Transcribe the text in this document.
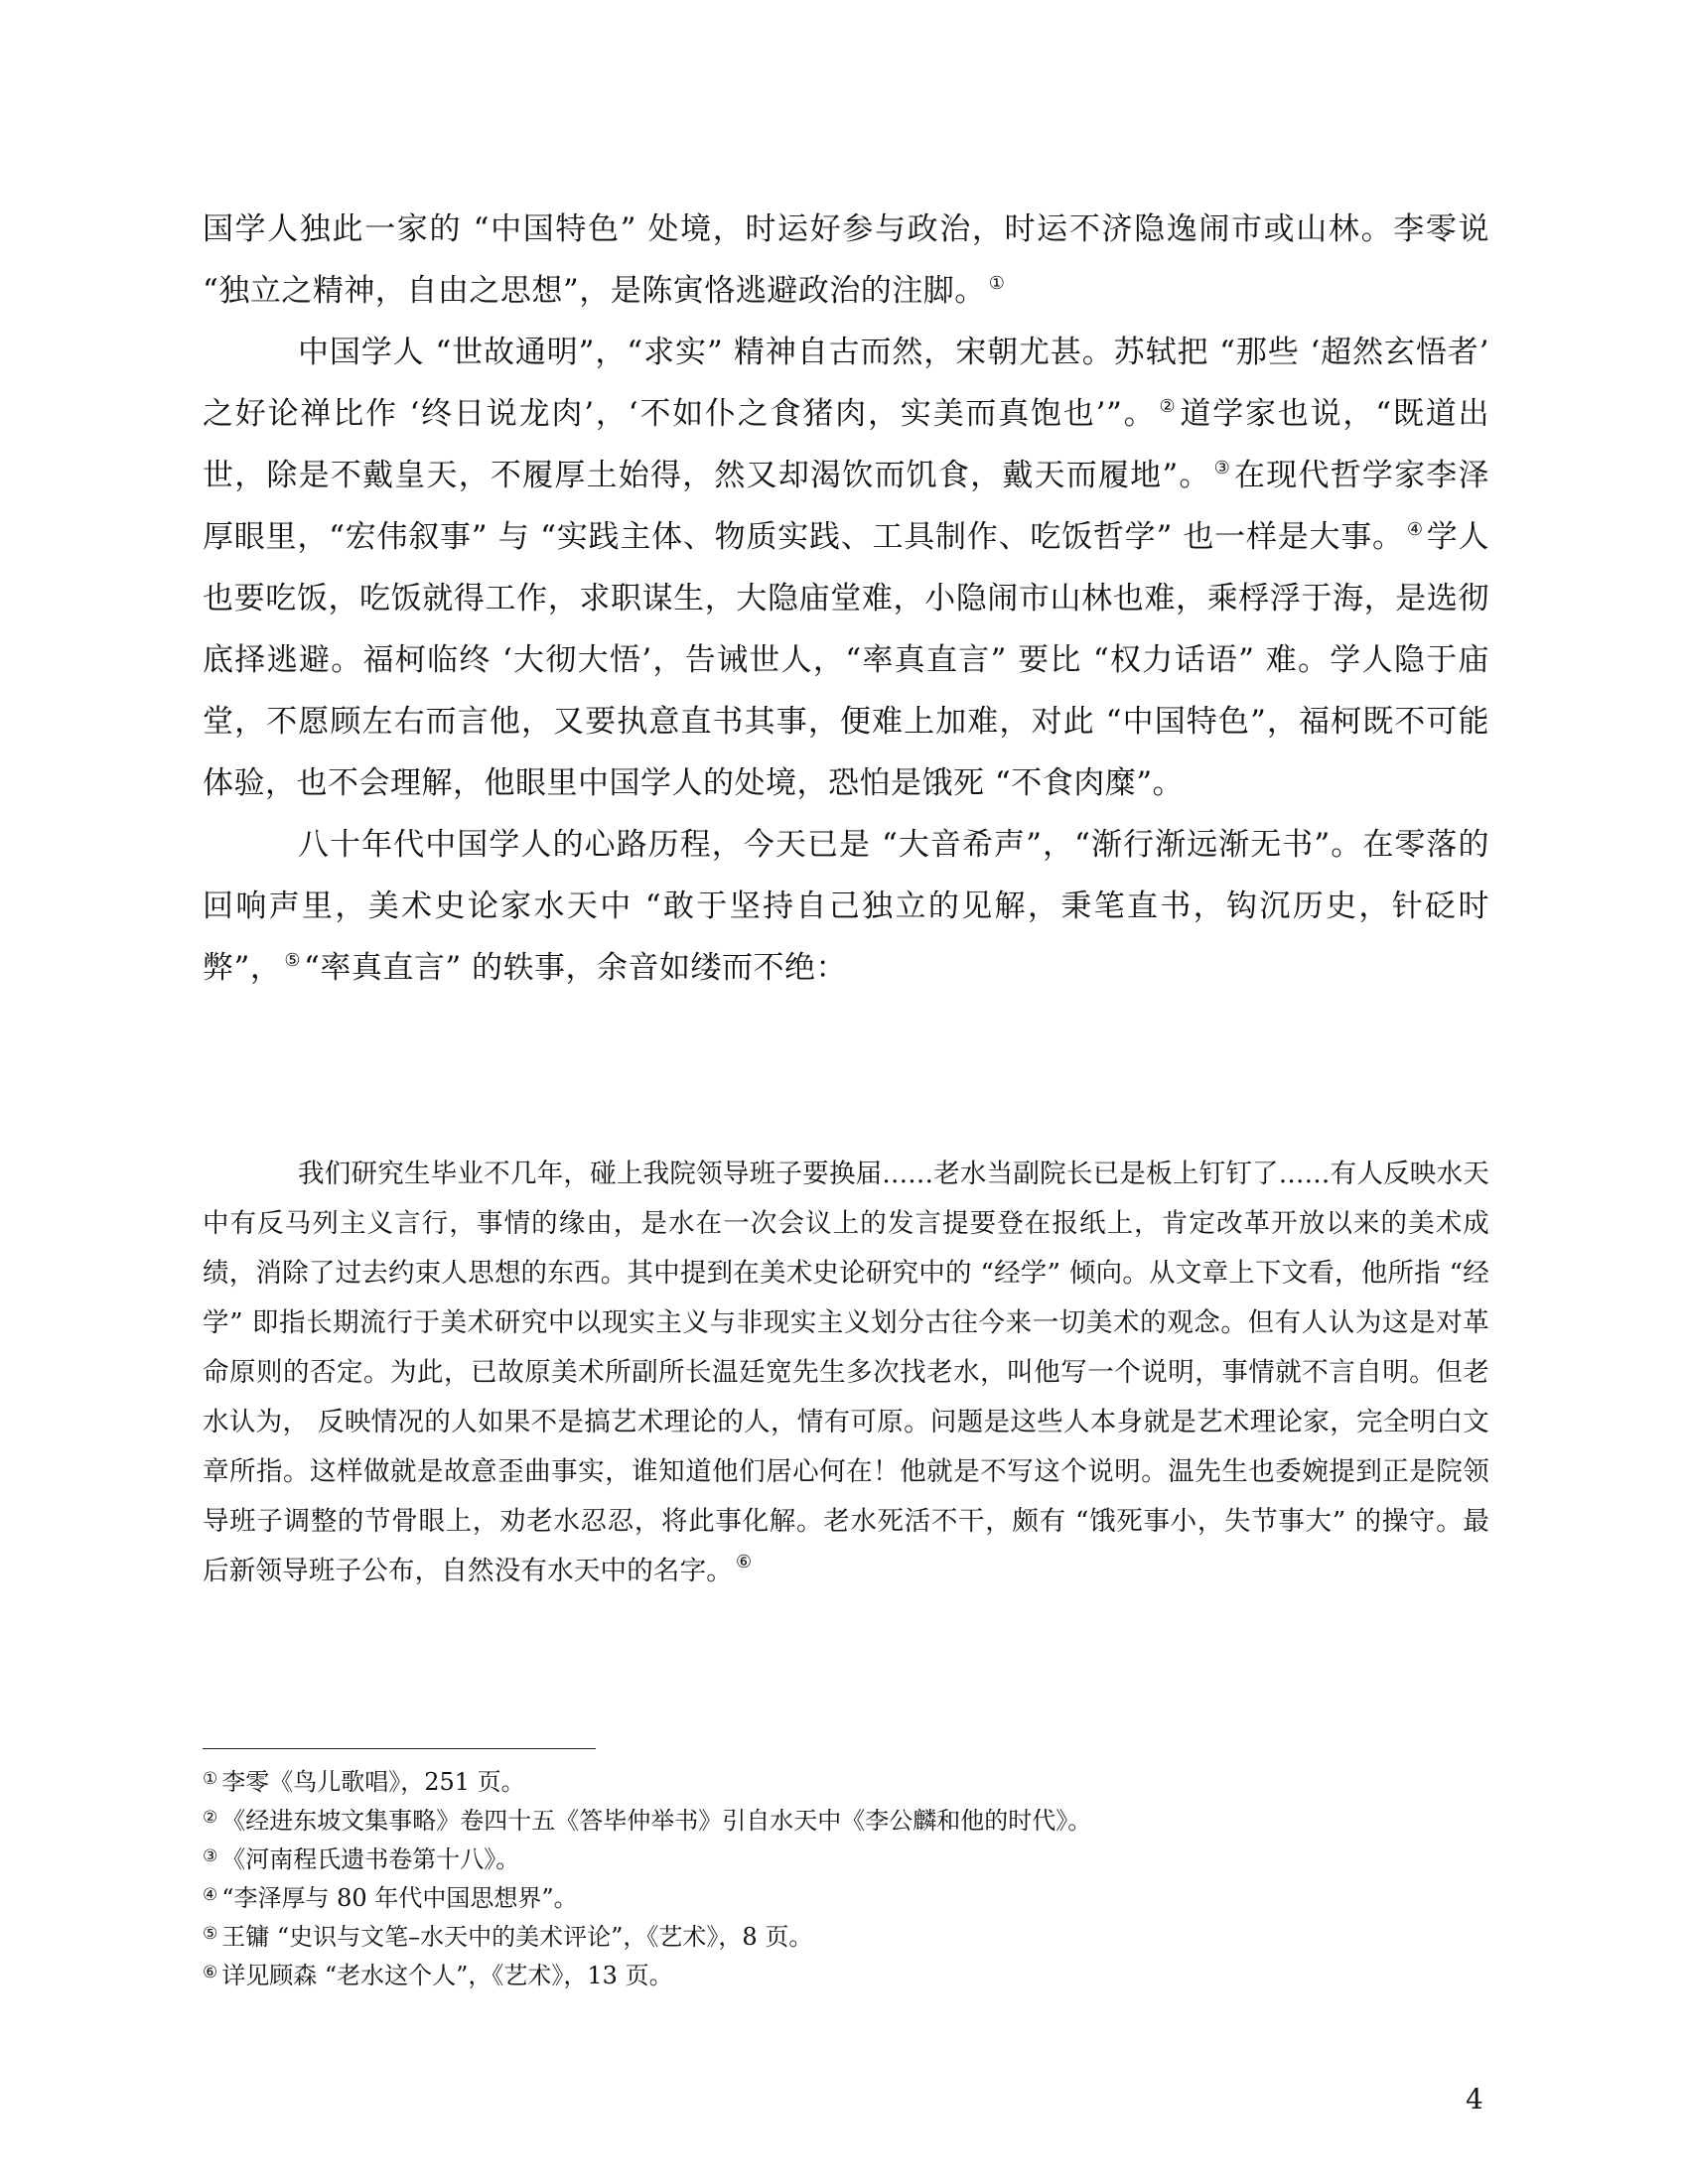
国学人独此一家的 “中国特色” 处境，时运好参与政治，时运不济隐逸闹市或山林。李零说 “独立之精神，自由之思想”，是陈寅恪逃避政治的注脚。 ①

中国学人 “世故通明”，“求实” 精神自古而然，宋朝尤甚。苏轼把 “那些 ‘超然玄悟者’ 之好论禅比作 ‘终日说龙肉’，‘不如仆之食猪肉，实美而真饱也’”。 ②道学家也说，“既道出世，除是不戴皇天，不履厚土始得，然又却渴饮而饥食，戴天而履地”。 ③在现代哲学家李泽厚眼里，“宏伟叙事” 与 “实践主体、物质实践、工具制作、吃饭哲学” 也一样是大事。 ④学人也要吃饭，吃饭就得工作，求职谋生，大隐庙堂难，小隐闹市山林也难，乘桴浮于海，是选彻底择逃避。福柯临终 ‘大彻大悟’，告诫世人，“率真直言” 要比 “权力话语” 难。学人隐于庙堂，不愿顾左右而言他，又要执意直书其事，便难上加难，对此 “中国特色”，福柯既不可能体验，也不会理解，他眼里中国学人的处境，恐怕是饿死 “不食肉糜”。

八十年代中国学人的心路历程，今天已是 “大音希声”，“渐行渐远渐无书”。在零落的回响声里，美术史论家水天中 “敢于坚持自己独立的见解，秉笔直书，钩沉历史，针砭时弊”， ⑤“率真直言” 的轶事，余音如缕而不绝：

我们研究生毕业不几年，碰上我院领导班子要换届......老水当副院长已是板上钉钉了......有人反映水天中有反马列主义言行，事情的缘由，是水在一次会议上的发言提要登在报纸上，肯定改革开放以来的美术成绩，消除了过去约束人思想的东西。其中提到在美术史论研究中的 “经学” 倾向。从文章上下文看，他所指 “经学” 即指长期流行于美术研究中以现实主义与非现实主义划分古往今来一切美术的观念。但有人认为这是对革命原则的否定。为此，已故原美术所副所长温廷宽先生多次找老水，叫他写一个说明，事情就不言自明。但老水认为， 反映情况的人如果不是搞艺术理论的人，情有可原。问题是这些人本身就是艺术理论家，完全明白文章所指。这样做就是故意歪曲事实，谁知道他们居心何在！他就是不写这个说明。温先生也委婉提到正是院领导班子调整的节骨眼上，劝老水忍忍，将此事化解。老水死活不干，颇有 “饿死事小，失节事大” 的操守。最后新领导班子公布，自然没有水天中的名字。 ⑥

① 李零《鸟儿歌唱》，251 页。
② 《经进东坡文集事略》卷四十五《答毕仲举书》引自水天中《李公麟和他的时代》。
③ 《河南程氏遗书卷第十八》。
④ “李泽厚与 80 年代中国思想界”。
⑤ 王镛 “史识与文笔–水天中的美术评论”，《艺术》，8 页。
⑥ 详见顾森 “老水这个人”，《艺术》，13 页。
4
